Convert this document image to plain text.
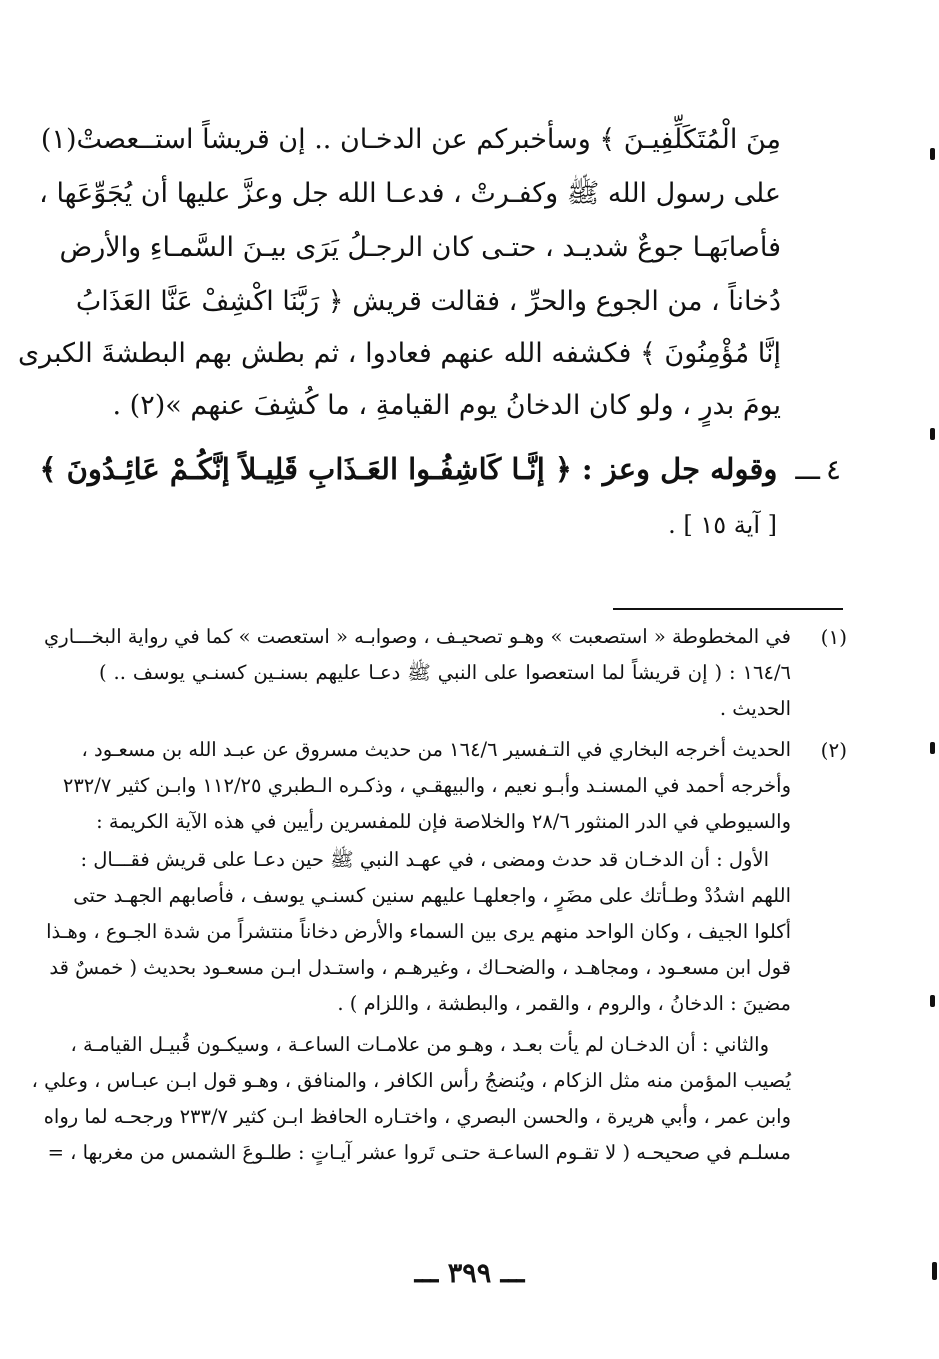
مِنَ الْمُتَكَلِّفِيـنَ ﴾ وسأخبركم عن الدخـان .. إن قريشاً استــعصتْ(١)
على رسول الله ﷺ وكفـرتْ ، فدعـا الله جل وعزَّ عليها أن يُجَوِّعَها ،
فأصابَهـا جوعٌ شديـد ، حتـى كان الرجـلُ يَرَى بيـنَ السَّمـاءِ والأرض
دُخاناً ، من الجوع والحرِّ ، فقالت قريش ﴿ رَبَّنَا اكْشِفْ عَنَّا العَذَابُ
إنَّا مُؤْمِنُونَ ﴾ فكشفه الله عنهم فعادوا ، ثم بطش بهم البطشةَ الكبرى
يومَ بدرٍ ، ولو كان الدخانُ يوم القيامةِ ، ما كُشِفَ عنهم »(٢) .
٤
ـــ
وقوله جل وعز :
﴿ إنَّـا كَاشِفُـوا العَـذَابِ قَلِيـلاً إنَّكُـمْ عَائِـدُونَ ﴾
[ آية ١٥ ] .
(١)
في المخطوطة « استصعبت » وهـو تصحيـف ، وصوابـه « استعصت » كما في رواية البخـــاري
١٦٤/٦ : ( إن قريشاً لما استعصوا على النبي ﷺ دعـا عليهم بسنـين كسنـي يوسف .. )
الحديث .
(٢)
الحديث أخرجه البخاري في التـفسير ١٦٤/٦ من حديث مسروق عن عبـد الله بن مسعـود ،
وأخرجه أحمد في المسنـد وأبـو نعيم ، والبيهقـي ، وذكـره الـطبري ١١٢/٢٥ وابـن كثير ٢٣٢/٧
والسيوطي في الدر المنثور ٢٨/٦ والخلاصة فإن للمفسرين رأيين في هذه الآية الكريمة :
الأول : أن الدخـان قد حدث ومضى ، في عهـد النبي ﷺ حين دعـا على قريش فقـــال :
اللهم اشدُدْ وطـأتك على مضَرٍ ، واجعلهـا عليهم سنين كسنـي يوسف ، فأصابهم الجهـد حتى
أكلوا الجيف ، وكان الواحد منهم يرى بين السماء والأرض دخاناً منتشراً من شدة الجـوع ، وهـذا
قول ابن مسعـود ، ومجاهـد ، والضحـاك ، وغيرهـم ، واستـدل ابـن مسعـود بحديث ( خمسٌ قد
مضينَ : الدخانُ ، والروم ، والقمر ، والبطشة ، واللزام ) .
والثاني : أن الدخـان لم يأت بعـد ، وهـو من علامـات الساعـة ، وسيكـون قُبيـل القيامـة ،
يُصيب المؤمن منه مثل الزكام ، ويُنضجُ رأس الكافر ، والمنافق ، وهـو قول ابـن عبـاس ، وعلي ،
وابن عمر ، وأبي هريرة ، والحسن البصري ، واختـاره الحافظ ابـن كثير ٢٣٣/٧ ورجحـه لما رواه
مسلـم في صحيحـه ( لا تقـوم الساعـة حتـى تَروا عشر آيـاتٍ : طلـوعَ الشمس من مغربها ، =
ـــ ٣٩٩ ـــ
